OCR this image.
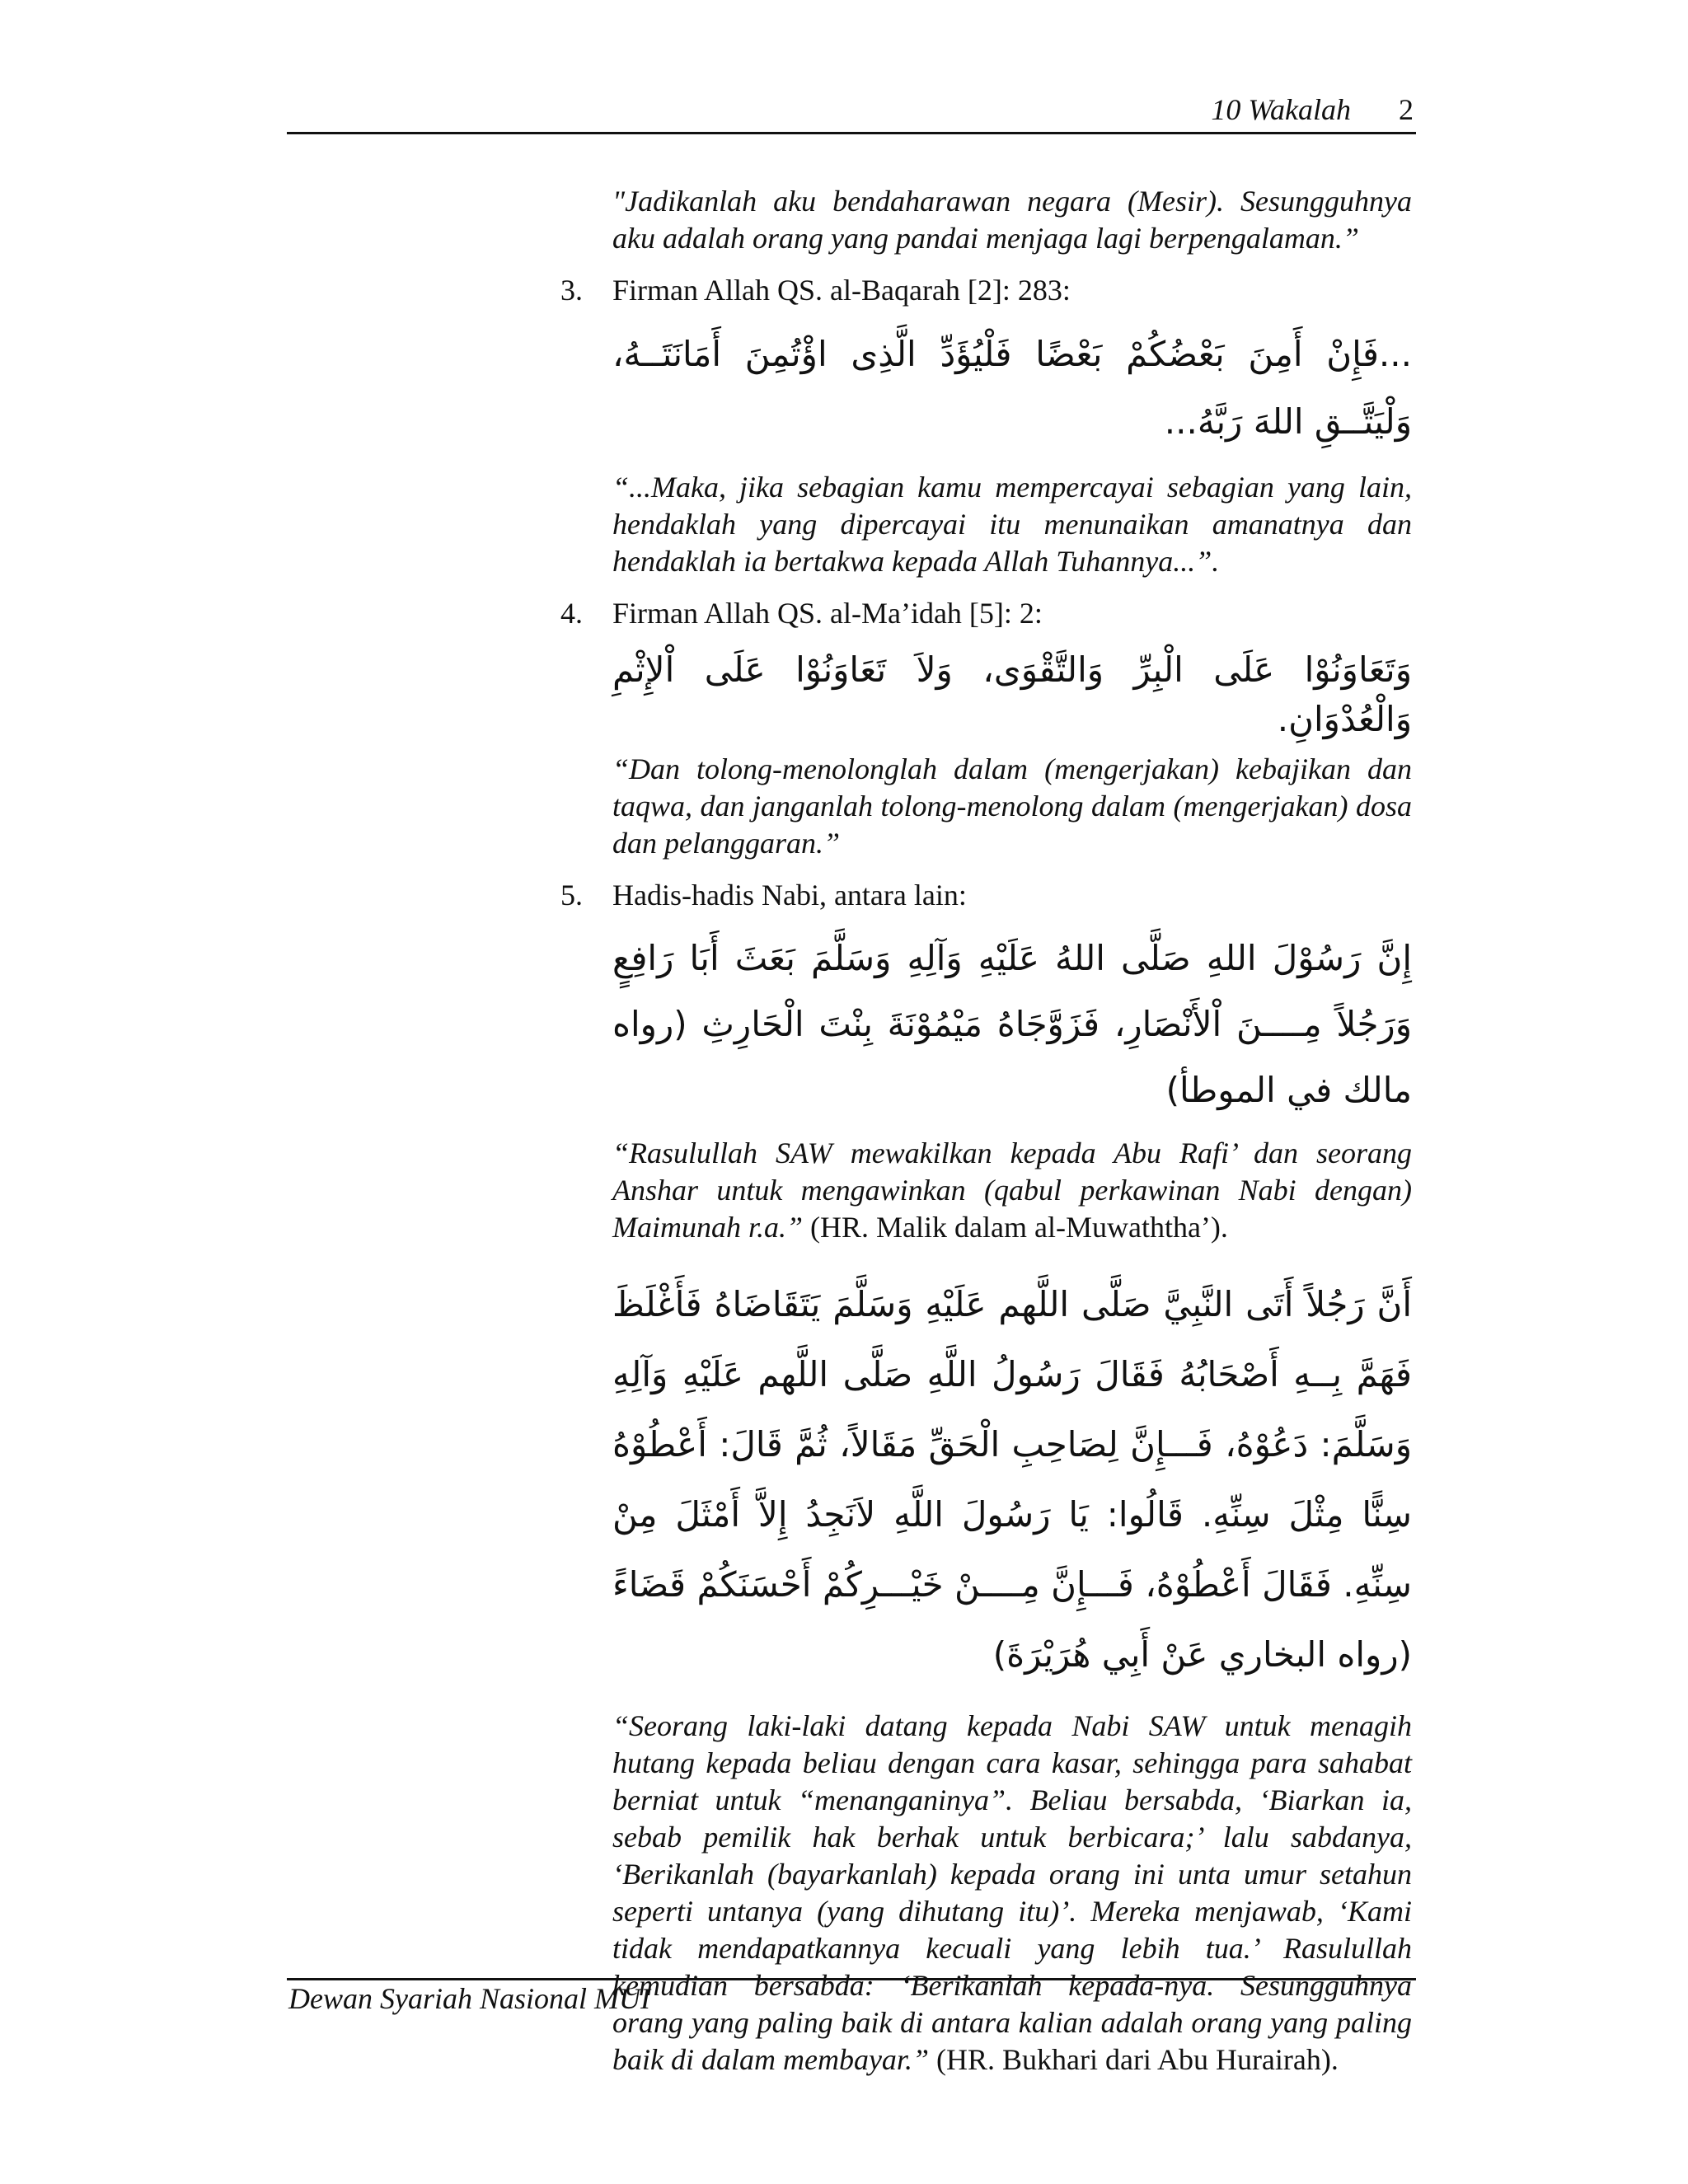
10 Wakalah 2

"Jadikanlah aku bendaharawan negara (Mesir). Sesungguhnya aku adalah orang yang pandai menjaga lagi berpengalaman.”

3. Firman Allah QS. al-Baqarah [2]: 283:

...فَإِنْ أَمِنَ بَعْضُكُمْ بَعْضًا فَلْيُؤَدِّ الَّذِى اؤْتُمِنَ أَمَانَتَــهُ، وَلْيَتَّــقِ اللهَ رَبَّهُ...

“...Maka, jika sebagian kamu mempercayai sebagian yang lain, hendaklah yang dipercayai itu menunaikan amanatnya dan hendaklah ia bertakwa kepada Allah Tuhannya...”.

4. Firman Allah QS. al-Ma’idah [5]: 2:

وَتَعَاوَنُوْا عَلَى الْبِرِّ وَالتَّقْوَى، وَلاَ تَعَاوَنُوْا عَلَى اْلإِثْمِ وَالْعُدْوَانِ.

“Dan tolong-menolonglah dalam (mengerjakan) kebajikan dan taqwa, dan janganlah tolong-menolong dalam (mengerjakan) dosa dan pelanggaran.”

5. Hadis-hadis Nabi, antara lain:

إِنَّ رَسُوْلَ اللهِ صَلَّى اللهُ عَلَيْهِ وَآلِهِ وَسَلَّمَ بَعَثَ أَبَا رَافِعٍ وَرَجُلاً مِــــنَ اْلأَنْصَارِ، فَزَوَّجَاهُ مَيْمُوْنَةَ بِنْتَ الْحَارِثِ (رواه مالك في الموطأ)

“Rasulullah SAW mewakilkan kepada Abu Rafi’ dan seorang Anshar untuk mengawinkan (qabul perkawinan Nabi dengan) Maimunah r.a.” (HR. Malik dalam al-Muwaththa’).

أَنَّ رَجُلاً أَتَى النَّبِيَّ صَلَّى اللَّهم عَلَيْهِ وَسَلَّمَ يَتَقَاضَاهُ فَأَغْلَظَ فَهَمَّ بِــهِ أَصْحَابُهُ فَقَالَ رَسُولُ اللَّهِ صَلَّى اللَّهم عَلَيْهِ وَآلِهِ وَسَلَّمَ: دَعُوْهُ، فَـــإِنَّ لِصَاحِبِ الْحَقِّ مَقَالاً، ثُمَّ قَالَ: أَعْطُوْهُ سِنًّا مِثْلَ سِنِّهِ. قَالُوا: يَا رَسُولَ اللَّهِ لاَنَجِدُ إِلاَّ أَمْثَلَ مِنْ سِنِّهِ. فَقَالَ أَعْطُوْهُ، فَـــإِنَّ مِــــنْ خَيْـــرِكُمْ أَحْسَنَكُمْ قَضَاءً (رواه البخاري عَنْ أَبِي هُرَيْرَةَ)

“Seorang laki-laki datang kepada Nabi SAW untuk menagih hutang kepada beliau dengan cara kasar, sehingga para sahabat berniat untuk “menanganinya”. Beliau bersabda, ‘Biarkan ia, sebab pemilik hak berhak untuk berbicara;’ lalu sabdanya, ‘Berikanlah (bayarkanlah) kepada orang ini unta umur setahun seperti untanya (yang dihutang itu)’. Mereka menjawab, ‘Kami tidak mendapatkannya kecuali yang lebih tua.’ Rasulullah kemudian bersabda: ‘Berikanlah kepada-nya. Sesungguhnya orang yang paling baik di antara kalian adalah orang yang paling baik di dalam membayar.” (HR. Bukhari dari Abu Hurairah).

Dewan Syariah Nasional MUI
